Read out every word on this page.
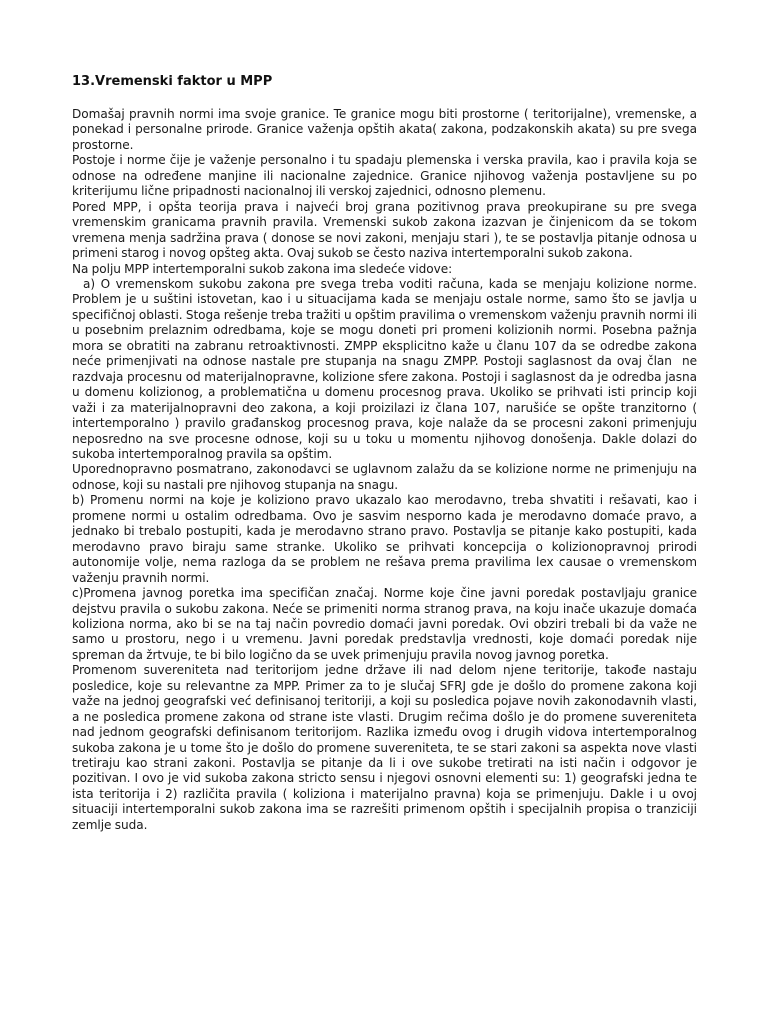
13.Vremenski faktor u MPP

Domašaj pravnih normi ima svoje granice. Te granice mogu biti prostorne ( teritorijalne), vremenske, a ponekad i personalne prirode. Granice važenja opštih akata( zakona, podzakonskih akata) su pre svega prostorne.

Postoje i norme čije je važenje personalno i tu spadaju plemenska i verska pravila, kao i pravila koja se odnose na određene manjine ili nacionalne zajednice. Granice njihovog važenja postavljene su po kriterijumu lične pripadnosti nacionalnoj ili verskoj zajednici, odnosno plemenu.

Pored MPP, i opšta teorija prava i najveći broj grana pozitivnog prava preokupirane su pre svega vremenskim granicama pravnih pravila. Vremenski sukob zakona izazvan je činjenicom da se tokom vremena menja sadržina prava ( donose se novi zakoni, menjaju stari ), te se postavlja pitanje odnosa u primeni starog i novog opšteg akta. Ovaj sukob se često naziva intertemporalni sukob zakona.

Na polju MPP intertemporalni sukob zakona ima sledeće vidove:

a) O vremenskom sukobu zakona pre svega treba voditi računa, kada se menjaju kolizione norme. Problem je u suštini istovetan, kao i u situacijama kada se menjaju ostale norme, samo što se javlja u specifičnoj oblasti. Stoga rešenje treba tražiti u opštim pravilima o vremenskom važenju pravnih normi ili u posebnim prelaznim odredbama, koje se mogu doneti pri promeni kolizionih normi. Posebna pažnja mora se obratiti na zabranu retroaktivnosti. ZMPP eksplicitno kaže u članu 107 da se odredbe zakona neće primenjivati na odnose nastale pre stupanja na snagu ZMPP. Postoji saglasnost da ovaj član  ne razdvaja procesnu od materijalnopravne, kolizione sfere zakona. Postoji i saglasnost da je odredba jasna u domenu kolizionog, a problematična u domenu procesnog prava. Ukoliko se prihvati isti princip koji važi i za materijalnopravni deo zakona, a koji proizilazi iz člana 107, narušiće se opšte tranzitorno ( intertemporalno ) pravilo građanskog procesnog prava, koje nalaže da se procesni zakoni primenjuju neposredno na sve procesne odnose, koji su u toku u momentu njihovog donošenja. Dakle dolazi do sukoba intertemporalnog pravila sa opštim.

Uporednopravno posmatrano, zakonodavci se uglavnom zalažu da se kolizione norme ne primenjuju na odnose, koji su nastali pre njihovog stupanja na snagu.

b) Promenu normi na koje je koliziono pravo ukazalo kao merodavno, treba shvatiti i rešavati, kao i promene normi u ostalim odredbama. Ovo je sasvim nesporno kada je merodavno domaće pravo, a jednako bi trebalo postupiti, kada je merodavno strano pravo. Postavlja se pitanje kako postupiti, kada merodavno pravo biraju same stranke. Ukoliko se prihvati koncepcija o kolizionopravnoj prirodi autonomije volje, nema razloga da se problem ne rešava prema pravilima lex causae o vremenskom važenju pravnih normi.

c)Promena javnog poretka ima specifičan značaj. Norme koje čine javni poredak postavljaju granice dejstvu pravila o sukobu zakona. Neće se primeniti norma stranog prava, na koju inače ukazuje domaća koliziona norma, ako bi se na taj način povredio domaći javni poredak. Ovi obziri trebali bi da važe ne samo u prostoru, nego i u vremenu. Javni poredak predstavlja vrednosti, koje domaći poredak nije spreman da žrtvuje, te bi bilo logično da se uvek primenjuju pravila novog javnog poretka.

Promenom suvereniteta nad teritorijom jedne države ili nad delom njene teritorije, takođe nastaju posledice, koje su relevantne za MPP. Primer za to je slučaj SFRJ gde je došlo do promene zakona koji važe na jednoj geografski već definisanoj teritoriji, a koji su posledica pojave novih zakonodavnih vlasti, a ne posledica promene zakona od strane iste vlasti. Drugim rečima došlo je do promene suvereniteta nad jednom geografski definisanom teritorijom. Razlika između ovog i drugih vidova intertemporalnog sukoba zakona je u tome što je došlo do promene suvereniteta, te se stari zakoni sa aspekta nove vlasti tretiraju kao strani zakoni. Postavlja se pitanje da li i ove sukobe tretirati na isti način i odgovor je pozitivan. I ovo je vid sukoba zakona stricto sensu i njegovi osnovni elementi su: 1) geografski jedna te ista teritorija i 2) različita pravila ( koliziona i materijalno pravna) koja se primenjuju. Dakle i u ovoj situaciji intertemporalni sukob zakona ima se razrešiti primenom opštih i specijalnih propisa o tranziciji zemlje suda.
